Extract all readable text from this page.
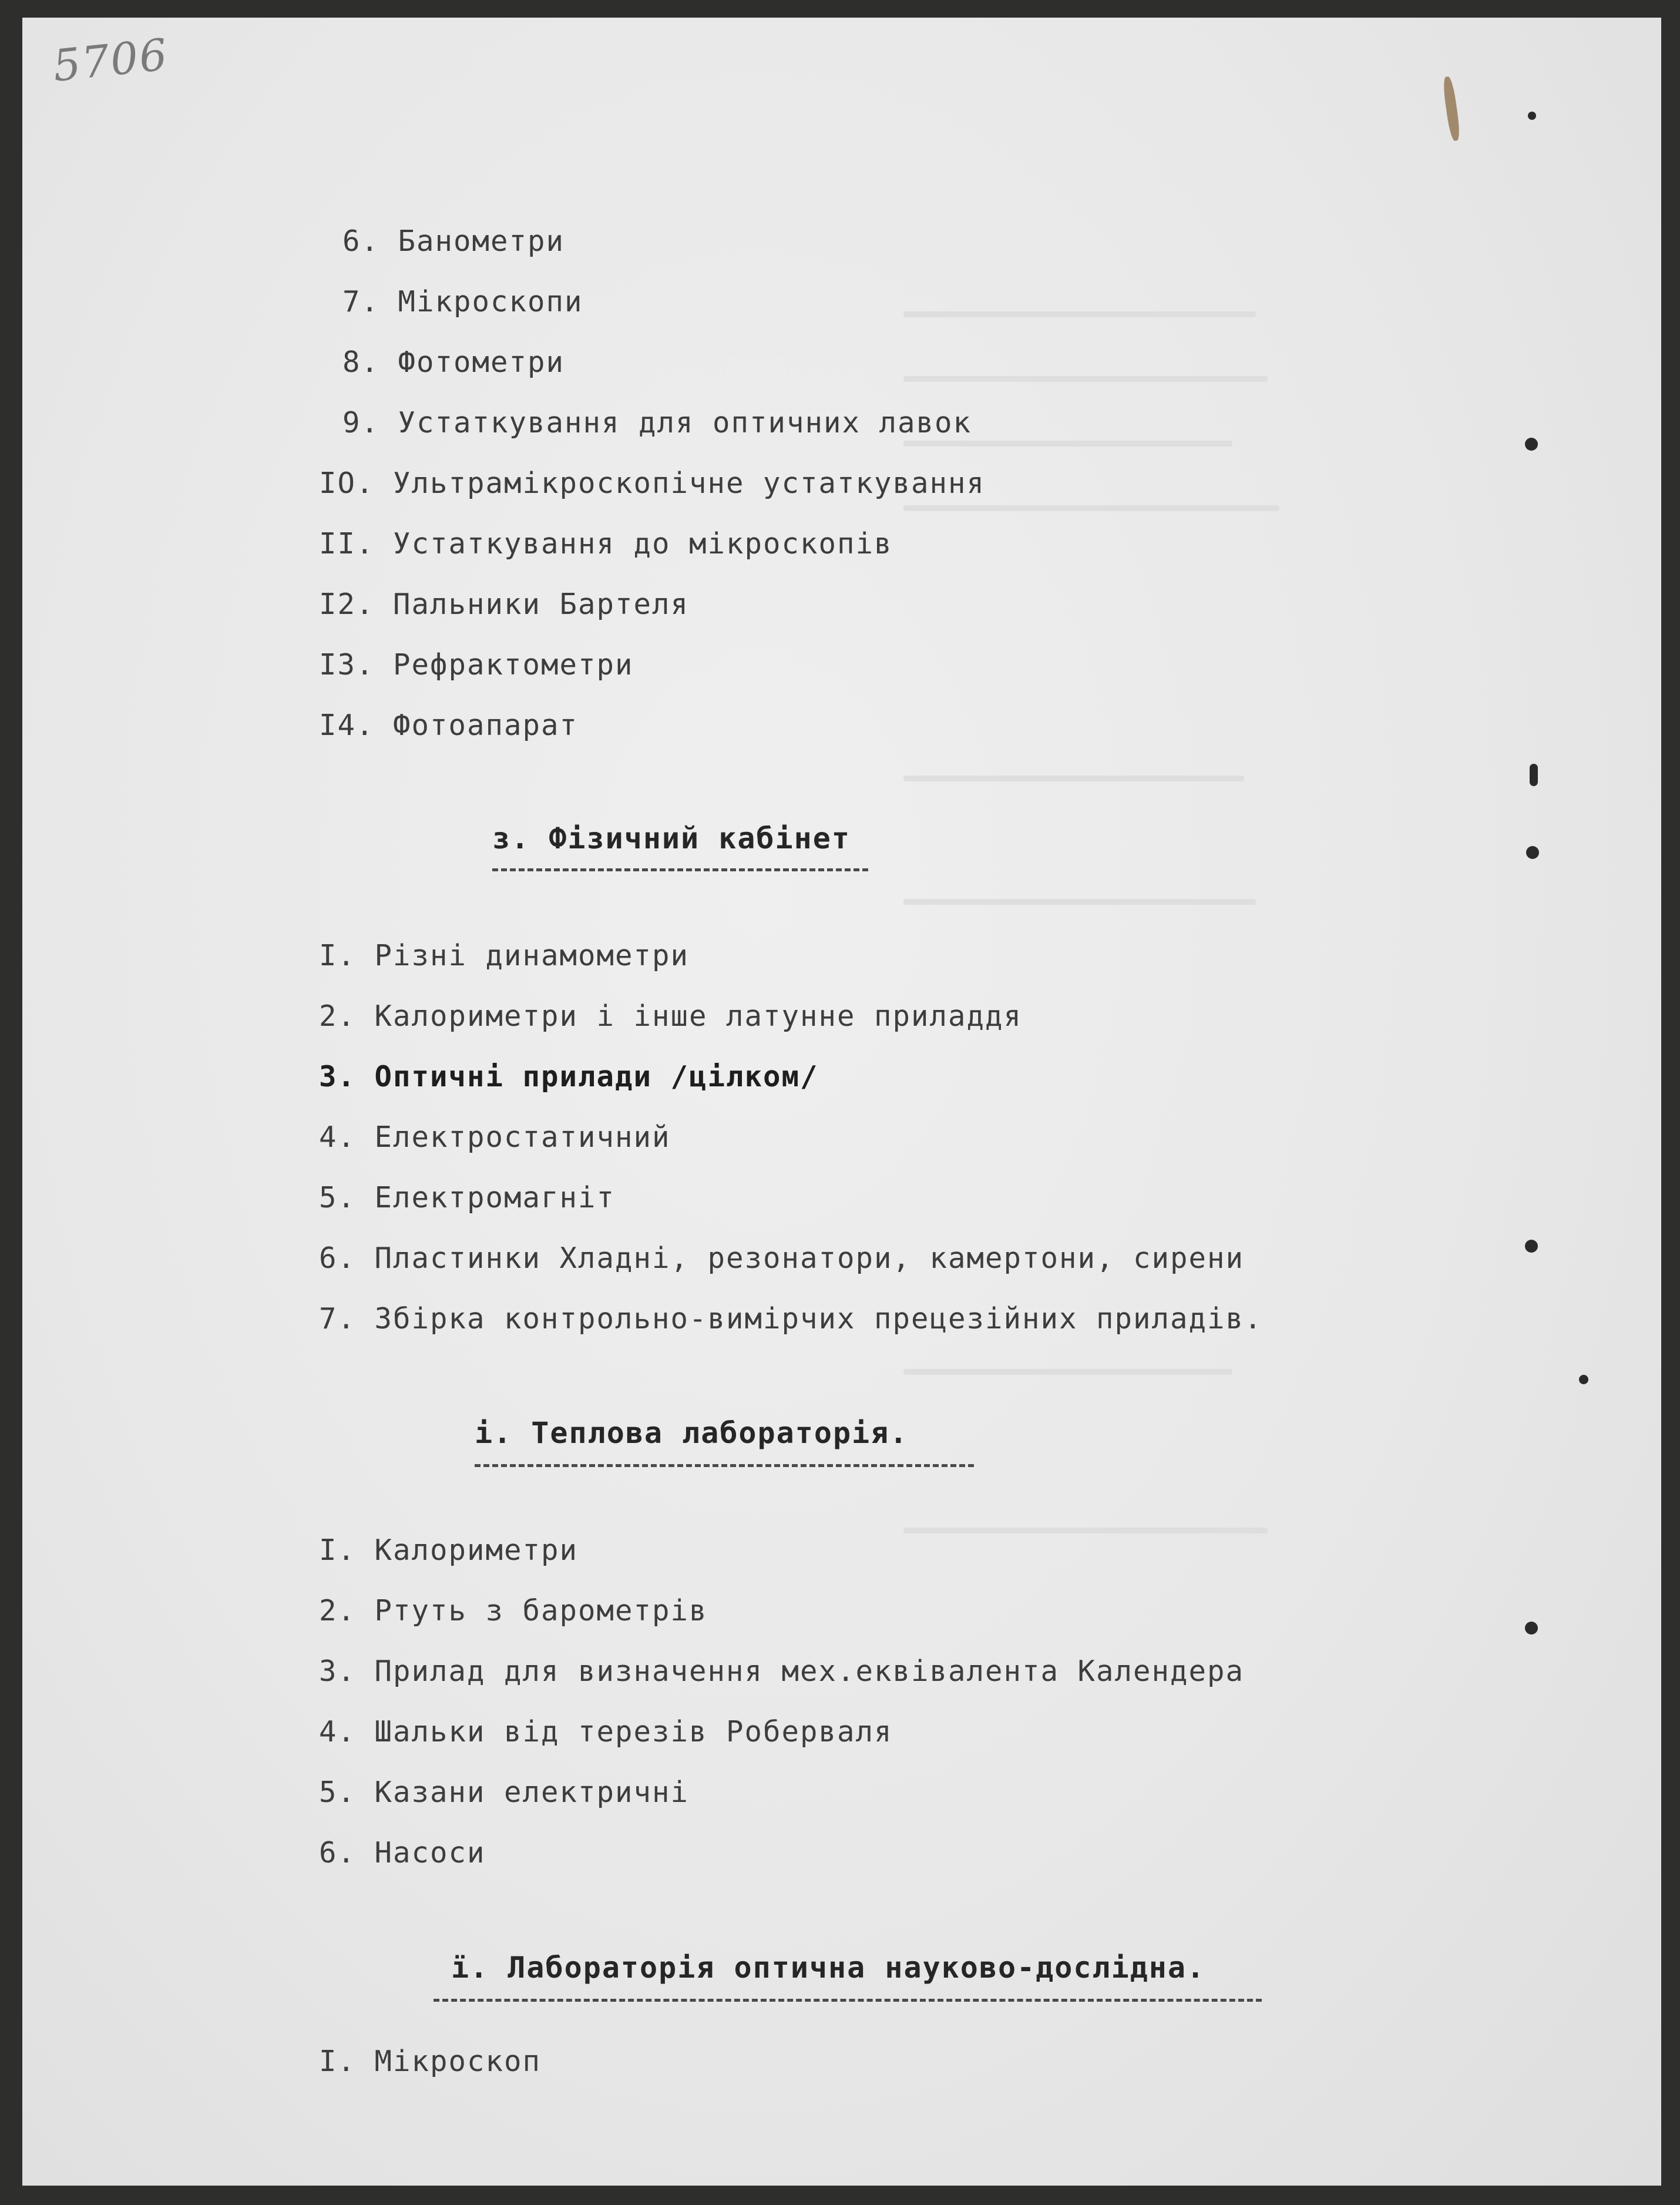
5706
6. Банометри
7. Мікроскопи
8. Фотометри
9. Устаткування для оптичних лавок
IO. Ультрамікроскопічне устаткування
II. Устаткування до мікроскопів
I2. Пальники Бартеля
I3. Рефрактометри
I4. Фотоапарат
з. Фізичний кабінет
I. Різні динамометри
2. Калориметри і інше латунне приладдя
3. Оптичні прилади /цілком/
4. Електростатичний
5. Електромагніт
6. Пластинки Хладні, резонатори, камертони, сирени
7. Збірка контрольно-вимірчих прецезійних приладів.
і. Теплова лабораторія.
I. Калориметри
2. Ртуть з барометрів
3. Прилад для визначення мех.еквівалента Календера
4. Шальки від терезів Роберваля
5. Казани електричні
6. Насоси
ї. Лабораторія оптична науково-дослідна.
I. Мікроскоп
